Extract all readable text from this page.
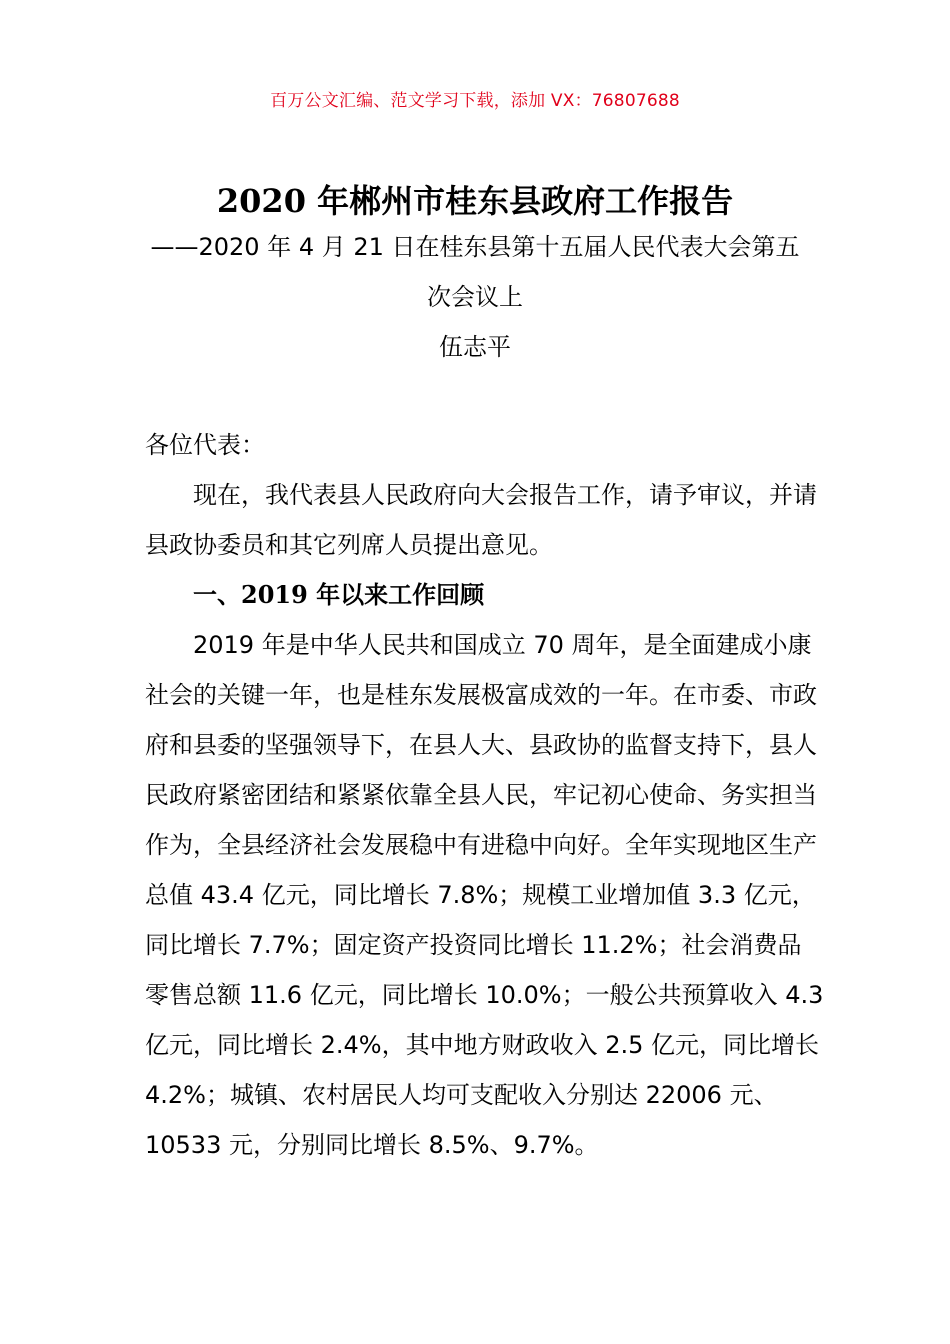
百万公文汇编、范文学习下载，添加 VX：76807688
2020 年郴州市桂东县政府工作报告
——2020 年 4 月 21 日在桂东县第十五届人民代表大会第五
次会议上
伍志平
各位代表：
现在，我代表县人民政府向大会报告工作，请予审议，并请县政协委员和其它列席人员提出意见。
一、2019 年以来工作回顾
2019 年是中华人民共和国成立 70 周年，是全面建成小康社会的关键一年，也是桂东发展极富成效的一年。在市委、市政府和县委的坚强领导下，在县人大、县政协的监督支持下，县人民政府紧密团结和紧紧依靠全县人民，牢记初心使命、务实担当作为，全县经济社会发展稳中有进稳中向好。全年实现地区生产总值 43.4 亿元，同比增长 7.8%；规模工业增加值 3.3 亿元，同比增长 7.7%；固定资产投资同比增长 11.2%；社会消费品零售总额 11.6 亿元，同比增长 10.0%；一般公共预算收入 4.3 亿元，同比增长 2.4%，其中地方财政收入 2.5 亿元，同比增长 4.2%；城镇、农村居民人均可支配收入分别达 22006 元、10533 元，分别同比增长 8.5%、9.7%。
